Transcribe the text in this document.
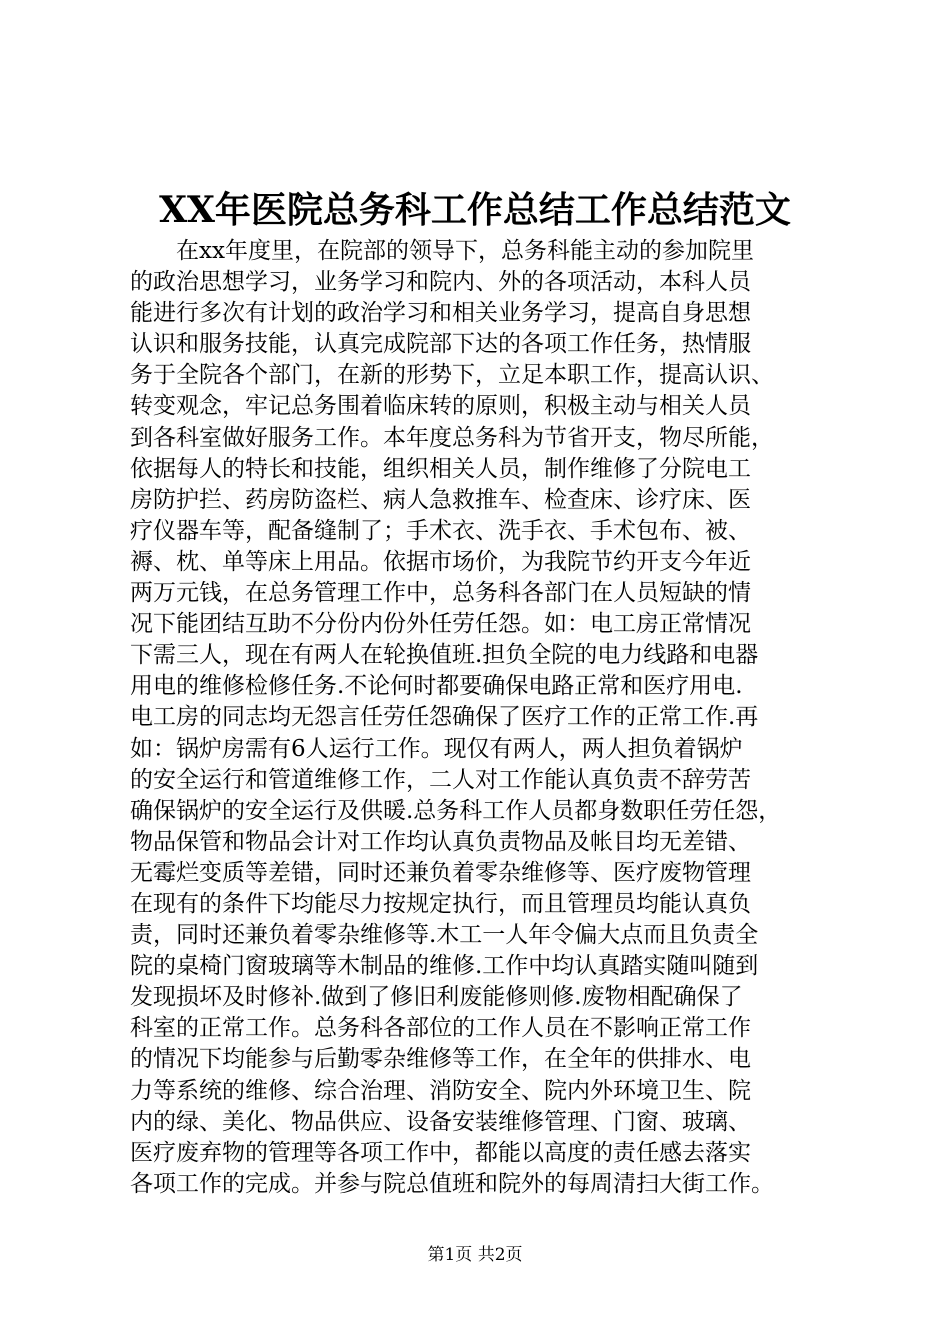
XX年医院总务科工作总结工作总结范文
　　在xx年度里，在院部的领导下，总务科能主动的参加院里
的政治思想学习，业务学习和院内、外的各项活动，本科人员
能进行多次有计划的政治学习和相关业务学习，提高自身思想
认识和服务技能，认真完成院部下达的各项工作任务，热情服
务于全院各个部门，在新的形势下，立足本职工作，提高认识、
转变观念，牢记总务围着临床转的原则，积极主动与相关人员
到各科室做好服务工作。本年度总务科为节省开支，物尽所能，
依据每人的特长和技能，组织相关人员，制作维修了分院电工
房防护拦、药房防盗栏、病人急救推车、检查床、诊疗床、医
疗仪器车等，配备缝制了；手术衣、洗手衣、手术包布、被、
褥、枕、单等床上用品。依据市场价，为我院节约开支今年近
两万元钱，在总务管理工作中，总务科各部门在人员短缺的情
况下能团结互助不分份内份外任劳任怨。如：电工房正常情况
下需三人，现在有两人在轮换值班.担负全院的电力线路和电器
用电的维修检修任务.不论何时都要确保电路正常和医疗用电.
电工房的同志均无怨言任劳任怨确保了医疗工作的正常工作.再
如：锅炉房需有6人运行工作。现仅有两人，两人担负着锅炉
的安全运行和管道维修工作，二人对工作能认真负责不辞劳苦
确保锅炉的安全运行及供暖.总务科工作人员都身数职任劳任怨，
物品保管和物品会计对工作均认真负责物品及帐目均无差错、
无霉烂变质等差错，同时还兼负着零杂维修等、医疗废物管理
在现有的条件下均能尽力按规定执行，而且管理员均能认真负
责，同时还兼负着零杂维修等.木工一人年令偏大点而且负责全
院的桌椅门窗玻璃等木制品的维修.工作中均认真踏实随叫随到
发现损坏及时修补.做到了修旧利废能修则修.废物相配确保了
科室的正常工作。总务科各部位的工作人员在不影响正常工作
的情况下均能参与后勤零杂维修等工作，在全年的供排水、电
力等系统的维修、综合治理、消防安全、院内外环境卫生、院
内的绿、美化、物品供应、设备安装维修管理、门窗、玻璃、
医疗废弃物的管理等各项工作中，都能以高度的责任感去落实
各项工作的完成。并参与院总值班和院外的每周清扫大街工作。
第1页 共2页
